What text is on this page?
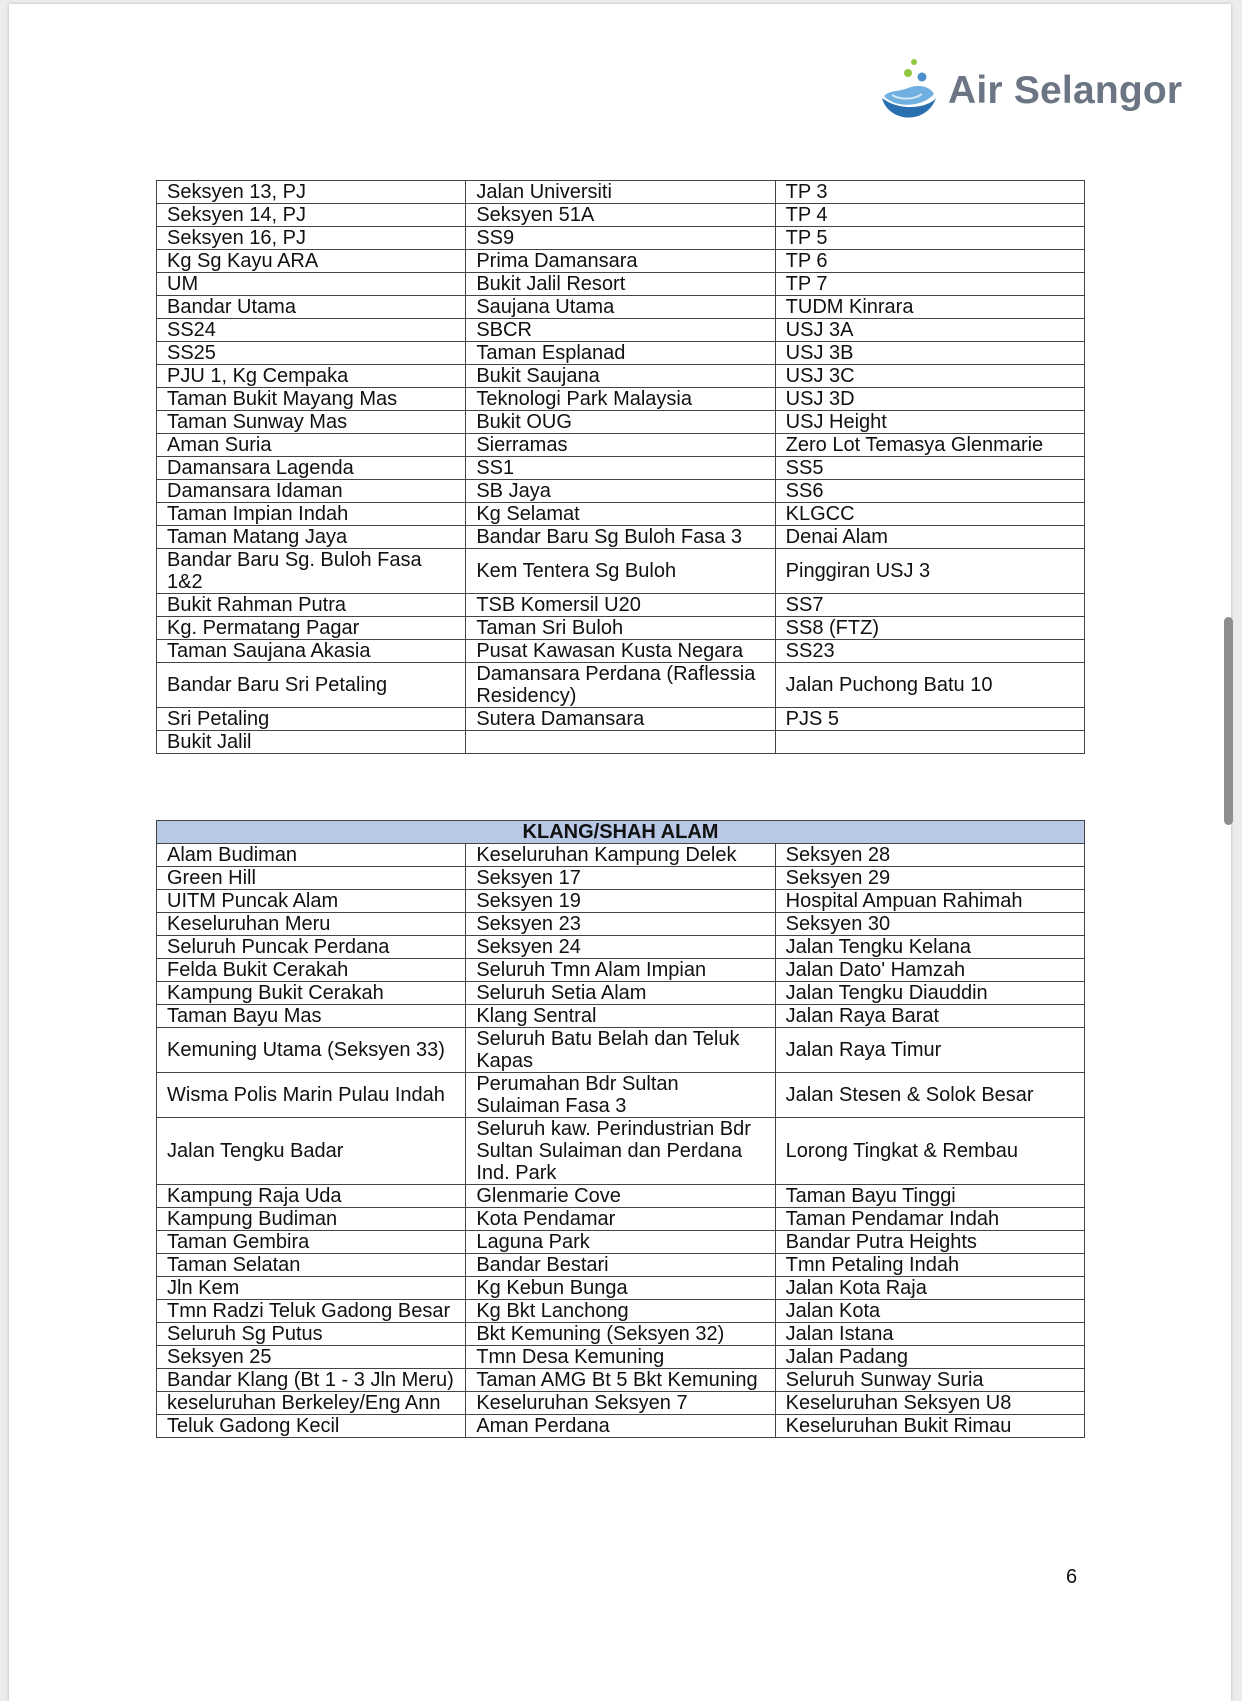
Air Selangor
Seksyen 13, PJ	Jalan Universiti	TP 3
Seksyen 14, PJ	Seksyen 51A	TP 4
Seksyen 16, PJ	SS9	TP 5
Kg Sg Kayu ARA	Prima Damansara	TP 6
UM	Bukit Jalil Resort	TP 7
Bandar Utama	Saujana Utama	TUDM Kinrara
SS24	SBCR	USJ 3A
SS25	Taman Esplanad	USJ 3B
PJU 1, Kg Cempaka	Bukit Saujana	USJ 3C
Taman Bukit Mayang Mas	Teknologi Park Malaysia	USJ 3D
Taman Sunway Mas	Bukit OUG	USJ Height
Aman Suria	Sierramas	Zero Lot Temasya Glenmarie
Damansara Lagenda	SS1	SS5
Damansara Idaman	SB Jaya	SS6
Taman Impian Indah	Kg Selamat	KLGCC
Taman Matang Jaya	Bandar Baru Sg Buloh Fasa 3	Denai Alam
Bandar Baru Sg. Buloh Fasa 1&2	Kem Tentera Sg Buloh	Pinggiran USJ 3
Bukit Rahman Putra	TSB Komersil U20	SS7
Kg. Permatang Pagar	Taman Sri Buloh	SS8 (FTZ)
Taman Saujana Akasia	Pusat Kawasan Kusta Negara	SS23
Bandar Baru Sri Petaling	Damansara Perdana (Raflessia Residency)	Jalan Puchong Batu 10
Sri Petaling	Sutera Damansara	PJS 5
Bukit Jalil		
KLANG/SHAH ALAM		
Alam Budiman	Keseluruhan Kampung Delek	Seksyen 28
Green Hill	Seksyen 17	Seksyen 29
UITM Puncak Alam	Seksyen 19	Hospital Ampuan Rahimah
Keseluruhan Meru	Seksyen 23	Seksyen 30
Seluruh Puncak Perdana	Seksyen 24	Jalan Tengku Kelana
Felda Bukit Cerakah	Seluruh Tmn Alam Impian	Jalan Dato' Hamzah
Kampung Bukit Cerakah	Seluruh Setia Alam	Jalan Tengku Diauddin
Taman Bayu Mas	Klang Sentral	Jalan Raya Barat
Kemuning Utama (Seksyen 33)	Seluruh Batu Belah dan Teluk Kapas	Jalan Raya Timur
Wisma Polis Marin Pulau Indah	Perumahan Bdr Sultan Sulaiman Fasa 3	Jalan Stesen & Solok Besar
Jalan Tengku Badar	Seluruh kaw. Perindustrian Bdr Sultan Sulaiman dan Perdana Ind. Park	Lorong Tingkat & Rembau
Kampung Raja Uda	Glenmarie Cove	Taman Bayu Tinggi
Kampung Budiman	Kota Pendamar	Taman Pendamar Indah
Taman Gembira	Laguna Park	Bandar Putra Heights
Taman Selatan	Bandar Bestari	Tmn Petaling Indah
Jln Kem	Kg Kebun Bunga	Jalan Kota Raja
Tmn Radzi Teluk Gadong Besar	Kg Bkt Lanchong	Jalan Kota
Seluruh Sg Putus	Bkt Kemuning (Seksyen 32)	Jalan Istana
Seksyen 25	Tmn Desa Kemuning	Jalan Padang
Bandar Klang (Bt 1 - 3 Jln Meru)	Taman AMG Bt 5 Bkt Kemuning	Seluruh Sunway Suria
keseluruhan Berkeley/Eng Ann	Keseluruhan Seksyen 7	Keseluruhan Seksyen U8
Teluk Gadong Kecil	Aman Perdana	Keseluruhan Bukit Rimau
6
